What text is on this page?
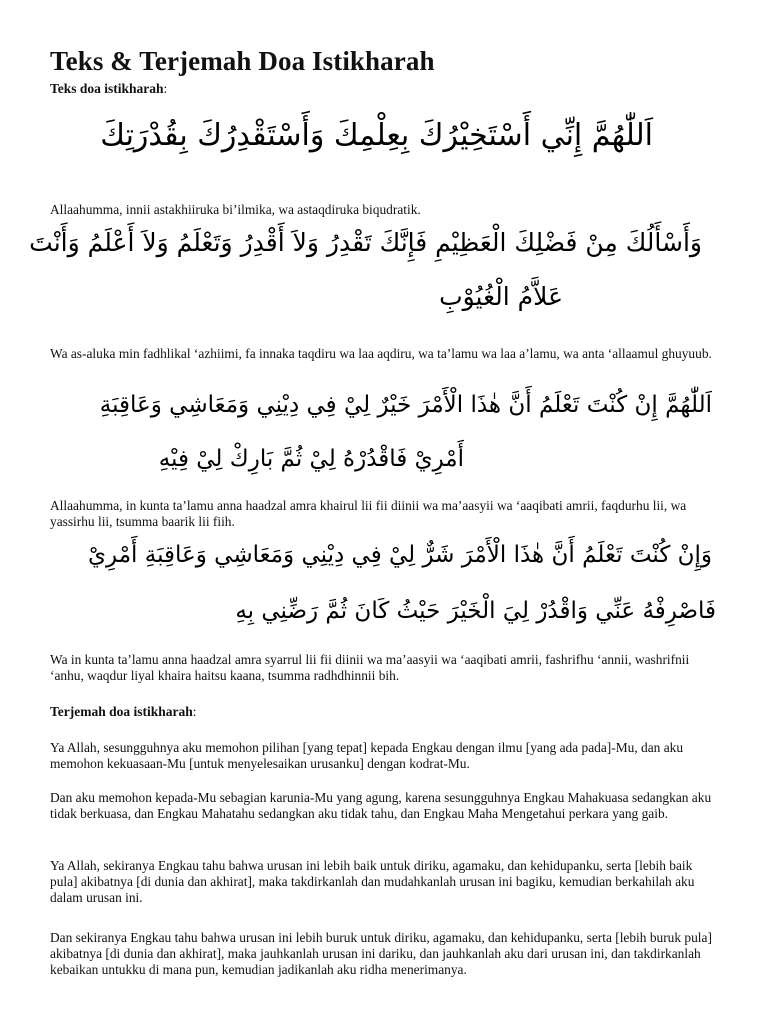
Teks & Terjemah Doa Istikharah
Teks doa istikharah:
اَللّٰهُمَّ إِنِّي أَسْتَخِيْرُكَ بِعِلْمِكَ وَأَسْتَقْدِرُكَ بِقُدْرَتِكَ
Allaahumma, innii astakhiiruka bi’ilmika, wa astaqdiruka biqudratik.
وَأَسْأَلُكَ مِنْ فَضْلِكَ الْعَظِيْمِ فَإِنَّكَ تَقْدِرُ وَلاَ أَقْدِرُ وَتَعْلَمُ وَلاَ أَعْلَمُ وَأَنْتَ
عَلاَّمُ الْغُيُوْبِ
Wa as-aluka min fadhlikal ‘azhiimi, fa innaka taqdiru wa laa aqdiru, wa ta’lamu wa laa a’lamu, wa anta ‘allaamul ghuyuub.
اَللّٰهُمَّ إِنْ كُنْتَ تَعْلَمُ أَنَّ هٰذَا الْأَمْرَ خَيْرٌ لِيْ فِي دِيْنِي وَمَعَاشِي وَعَاقِبَةِ
أَمْرِيْ فَاقْدُرْهُ لِيْ ثُمَّ بَارِكْ لِيْ فِيْهِ
Allaahumma, in kunta ta’lamu anna haadzal amra khairul lii fii diinii wa ma’aasyii wa ‘aaqibati amrii, faqdurhu lii, wa yassirhu lii, tsumma baarik lii fiih.
وَإِنْ كُنْتَ تَعْلَمُ أَنَّ هٰذَا الْأَمْرَ شَرٌّ لِيْ فِي دِيْنِي وَمَعَاشِي وَعَاقِبَةِ أَمْرِيْ
فَاصْرِفْهُ عَنِّي وَاقْدُرْ لِيَ الْخَيْرَ حَيْثُ كَانَ ثُمَّ رَضِّنِي بِهِ
Wa in kunta ta’lamu anna haadzal amra syarrul lii fii diinii wa ma’aasyii wa ‘aaqibati amrii, fashrifhu ‘annii, washrifnii ‘anhu, waqdur liyal khaira haitsu kaana, tsumma radhdhinnii bih.
Terjemah doa istikharah:
Ya Allah, sesungguhnya aku memohon pilihan [yang tepat] kepada Engkau dengan ilmu [yang ada pada]-Mu, dan aku memohon kekuasaan-Mu [untuk menyelesaikan urusanku] dengan kodrat-Mu.
Dan aku memohon kepada-Mu sebagian karunia-Mu yang agung, karena sesungguhnya Engkau Mahakuasa sedangkan aku tidak berkuasa, dan Engkau Mahatahu sedangkan aku tidak tahu, dan Engkau Maha Mengetahui perkara yang gaib.
Ya Allah, sekiranya Engkau tahu bahwa urusan ini lebih baik untuk diriku, agamaku, dan kehidupanku, serta [lebih baik pula] akibatnya [di dunia dan akhirat], maka takdirkanlah dan mudahkanlah urusan ini bagiku, kemudian berkahilah aku dalam urusan ini.
Dan sekiranya Engkau tahu bahwa urusan ini lebih buruk untuk diriku, agamaku, dan kehidupanku, serta [lebih buruk pula] akibatnya [di dunia dan akhirat], maka jauhkanlah urusan ini dariku, dan jauhkanlah aku dari urusan ini, dan takdirkanlah kebaikan untukku di mana pun, kemudian jadikanlah aku ridha menerimanya.
